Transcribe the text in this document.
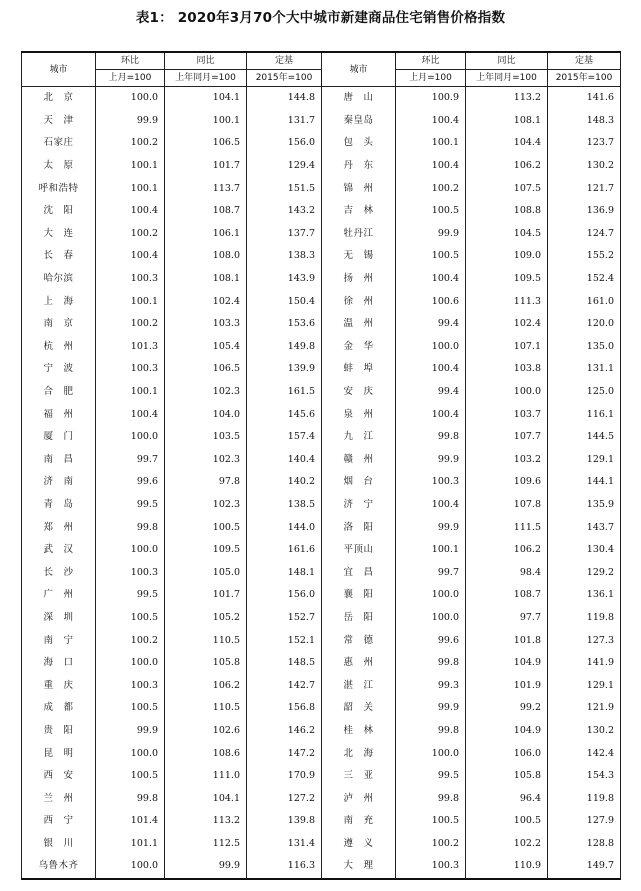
表1： 2020年3月70个大中城市新建商品住宅销售价格指数
城市	环比	同比	定基	城市	环比	同比	定基
	上月=100	上年同月=100	2015年=100		上月=100	上年同月=100	2015年=100
北　京	100.0	104.1	144.8	唐　山	100.9	113.2	141.6
天　津	99.9	100.1	131.7	秦皇岛	100.4	108.1	148.3
石家庄	100.2	106.5	156.0	包　头	100.1	104.4	123.7
太　原	100.1	101.7	129.4	丹　东	100.4	106.2	130.2
呼和浩特	100.1	113.7	151.5	锦　州	100.2	107.5	121.7
沈　阳	100.4	108.7	143.2	吉　林	100.5	108.8	136.9
大　连	100.2	106.1	137.7	牡丹江	99.9	104.5	124.7
长　春	100.4	108.0	138.3	无　锡	100.5	109.0	155.2
哈尔滨	100.3	108.1	143.9	扬　州	100.4	109.5	152.4
上　海	100.1	102.4	150.4	徐　州	100.6	111.3	161.0
南　京	100.2	103.3	153.6	温　州	99.4	102.4	120.0
杭　州	101.3	105.4	149.8	金　华	100.0	107.1	135.0
宁　波	100.3	106.5	139.9	蚌　埠	100.4	103.8	131.1
合　肥	100.1	102.3	161.5	安　庆	99.4	100.0	125.0
福　州	100.4	104.0	145.6	泉　州	100.4	103.7	116.1
厦　门	100.0	103.5	157.4	九　江	99.8	107.7	144.5
南　昌	99.7	102.3	140.4	赣　州	99.9	103.2	129.1
济　南	99.6	97.8	140.2	烟　台	100.3	109.6	144.1
青　岛	99.5	102.3	138.5	济　宁	100.4	107.8	135.9
郑　州	99.8	100.5	144.0	洛　阳	99.9	111.5	143.7
武　汉	100.0	109.5	161.6	平顶山	100.1	106.2	130.4
长　沙	100.3	105.0	148.1	宜　昌	99.7	98.4	129.2
广　州	99.5	101.7	156.0	襄　阳	100.0	108.7	136.1
深　圳	100.5	105.2	152.7	岳　阳	100.0	97.7	119.8
南　宁	100.2	110.5	152.1	常　德	99.6	101.8	127.3
海　口	100.0	105.8	148.5	惠　州	99.8	104.9	141.9
重　庆	100.3	106.2	142.7	湛　江	99.3	101.9	129.1
成　都	100.5	110.5	156.8	韶　关	99.9	99.2	121.9
贵　阳	99.9	102.6	146.2	桂　林	99.8	104.9	130.2
昆　明	100.0	108.6	147.2	北　海	100.0	106.0	142.4
西　安	100.5	111.0	170.9	三　亚	99.5	105.8	154.3
兰　州	99.8	104.1	127.2	泸　州	99.8	96.4	119.8
西　宁	101.4	113.2	139.8	南　充	100.5	100.5	127.9
银　川	101.1	112.5	131.4	遵　义	100.2	102.2	128.8
乌鲁木齐	100.0	99.9	116.3	大　理	100.3	110.9	149.7
